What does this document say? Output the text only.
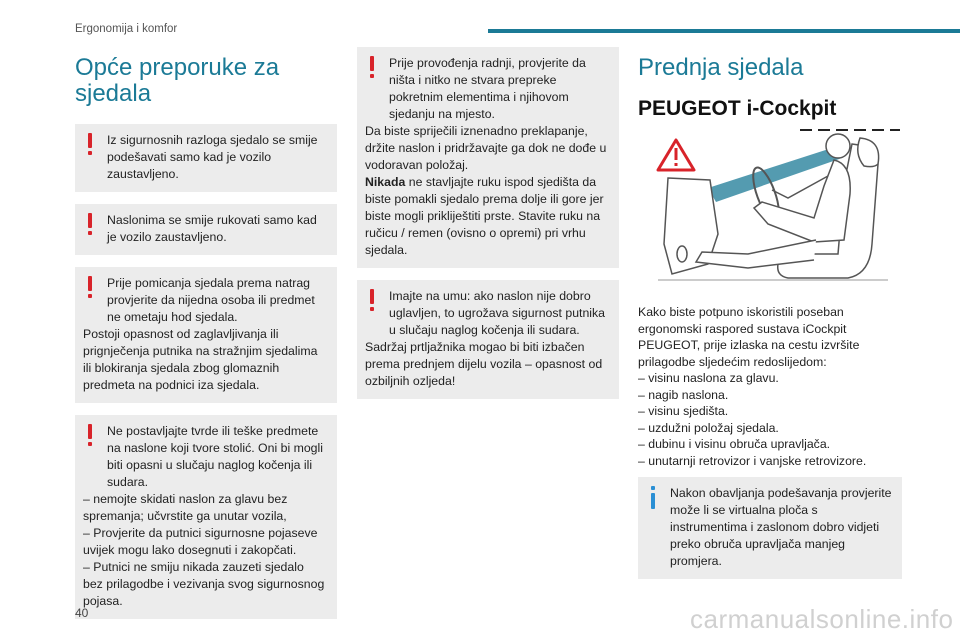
Ergonomija i komfor
Opće preporuke za sjedala

Iz sigurnosnih razloga sjedalo se smije podešavati samo kad je vozilo zaustavljeno.

Naslonima se smije rukovati samo kad je vozilo zaustavljeno.

Prije pomicanja sjedala prema natrag provjerite da nijedna osoba ili predmet ne ometaju hod sjedala.

Postoji opasnost od zaglavljivanja ili prignječenja putnika na stražnjim sjedalima ili blokiranja sjedala zbog glomaznih predmeta na podnici iza sjedala.

Ne postavljajte tvrde ili teške predmete na naslone koji tvore stolić. Oni bi mogli biti opasni u slučaju naglog kočenja ili sudara.

– nemojte skidati naslon za glavu bez spremanja; učvrstite ga unutar vozila,

– Provjerite da putnici sigurnosne pojaseve uvijek mogu lako dosegnuti i zakopčati.

– Putnici ne smiju nikada zauzeti sjedalo bez prilagodbe i vezivanja svog sigurnosnog pojasa.

Prije provođenja radnji, provjerite da ništa i nitko ne stvara prepreke pokretnim elementima i njihovom sjedanju na mjesto.

Da biste spriječili iznenadno preklapanje, držite naslon i pridržavajte ga dok ne dođe u vodoravan položaj.

Nikada ne stavljajte ruku ispod sjedišta da biste pomakli sjedalo prema dolje ili gore jer biste mogli prikliještiti prste. Stavite ruku na ručicu / remen (ovisno o opremi) pri vrhu sjedala.

Imajte na umu: ako naslon nije dobro uglavljen, to ugrožava sigurnost putnika u slučaju naglog kočenja ili sudara.

Sadržaj prtljažnika mogao bi biti izbačen prema prednjem dijelu vozila – opasnost od ozbiljnih ozljeda!

Prednja sjedala
PEUGEOT i-Cockpit
Kako biste potpuno iskoristili poseban ergonomski raspored sustava iCockpit PEUGEOT, prije izlaska na cestu izvršite prilagodbe sljedećim redoslijedom:
– visinu naslona za glavu.
– nagib naslona.
– visinu sjedišta.
– uzdužni položaj sjedala.
– dubinu i visinu obruča upravljača.
– unutarnji retrovizor i vanjske retrovizore.

Nakon obavljanja podešavanja provjerite može li se virtualna ploča s instrumentima i zaslonom dobro vidjeti preko obruča upravljača manjeg promjera.

40	carmanualsonline.info
